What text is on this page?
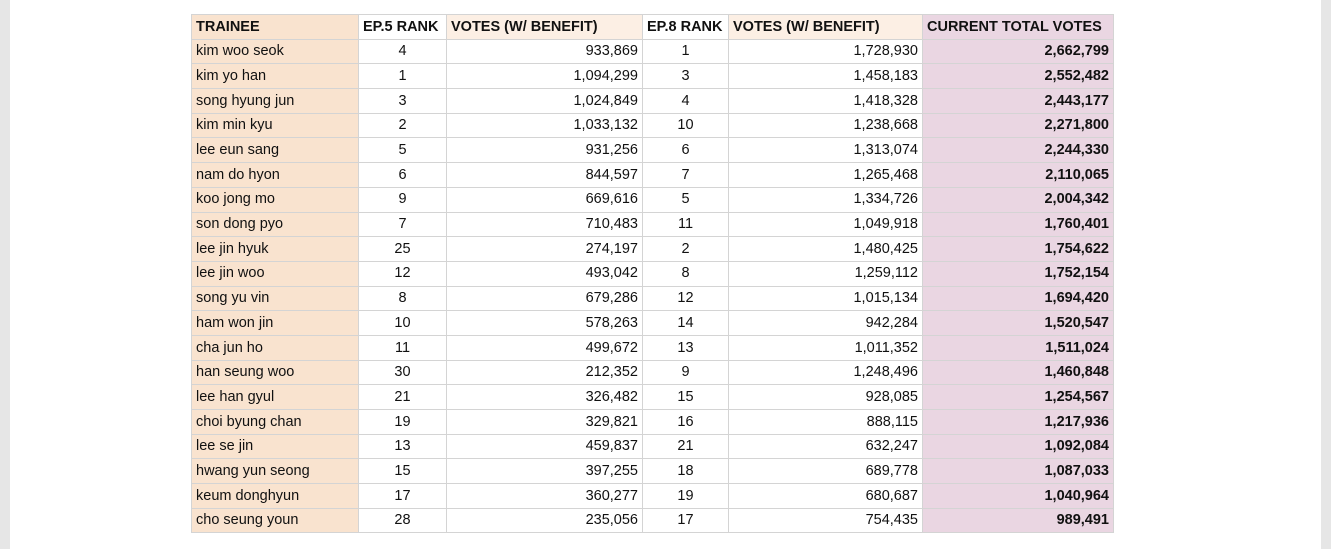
TRAINEE	EP.5 RANK	VOTES (W/ BENEFIT)	EP.8 RANK	VOTES (W/ BENEFIT)	CURRENT TOTAL VOTES
kim woo seok	4	933,869	1	1,728,930	2,662,799
kim yo han	1	1,094,299	3	1,458,183	2,552,482
song hyung jun	3	1,024,849	4	1,418,328	2,443,177
kim min kyu	2	1,033,132	10	1,238,668	2,271,800
lee eun sang	5	931,256	6	1,313,074	2,244,330
nam do hyon	6	844,597	7	1,265,468	2,110,065
koo jong mo	9	669,616	5	1,334,726	2,004,342
son dong pyo	7	710,483	11	1,049,918	1,760,401
lee jin hyuk	25	274,197	2	1,480,425	1,754,622
lee jin woo	12	493,042	8	1,259,112	1,752,154
song yu vin	8	679,286	12	1,015,134	1,694,420
ham won jin	10	578,263	14	942,284	1,520,547
cha jun ho	11	499,672	13	1,011,352	1,511,024
han seung woo	30	212,352	9	1,248,496	1,460,848
lee han gyul	21	326,482	15	928,085	1,254,567
choi byung chan	19	329,821	16	888,115	1,217,936
lee se jin	13	459,837	21	632,247	1,092,084
hwang yun seong	15	397,255	18	689,778	1,087,033
keum donghyun	17	360,277	19	680,687	1,040,964
cho seung youn	28	235,056	17	754,435	989,491
